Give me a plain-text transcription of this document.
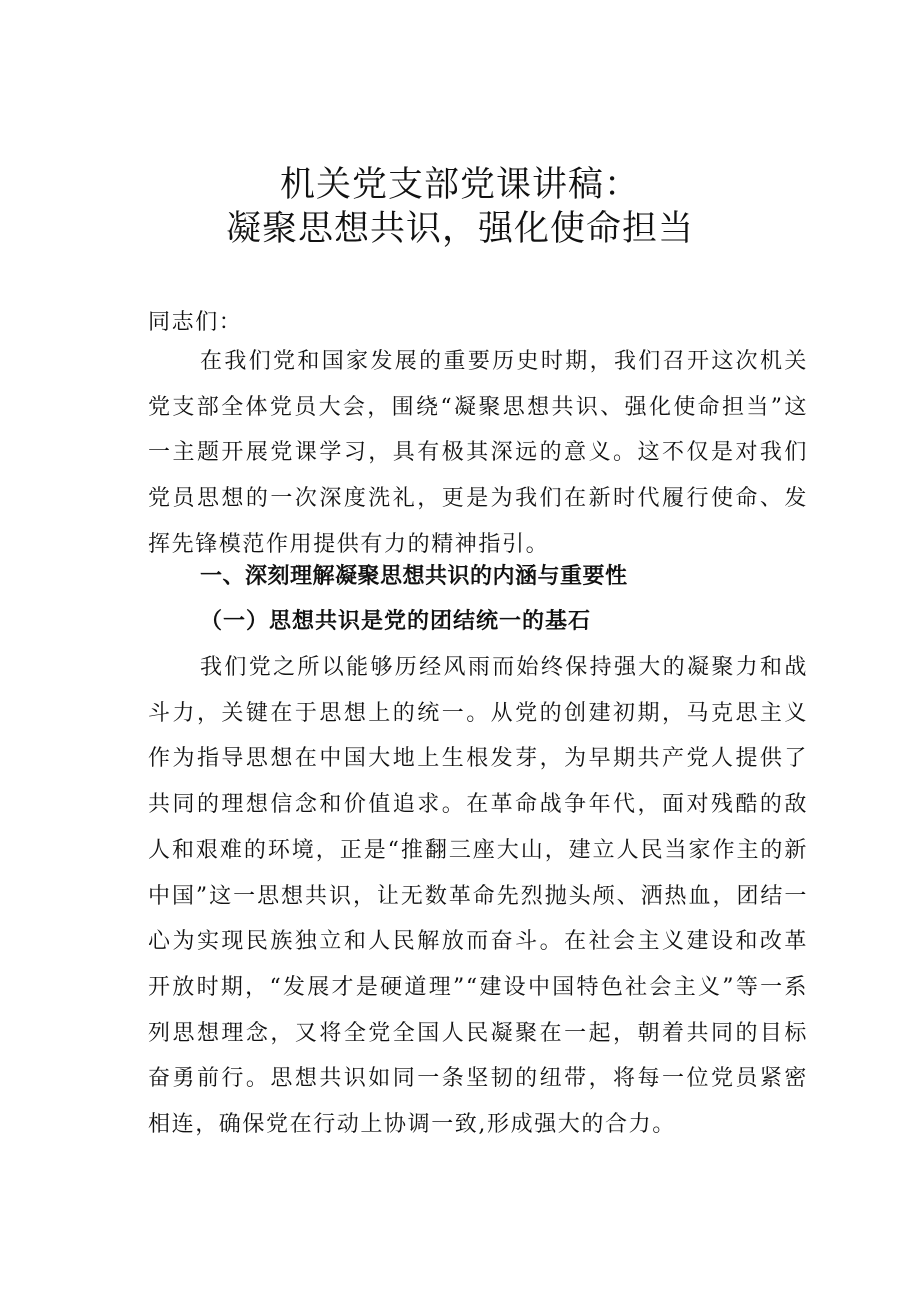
机关党支部党课讲稿：
凝聚思想共识，强化使命担当

同志们：

在我们党和国家发展的重要历史时期，我们召开这次机关党支部全体党员大会，围绕“凝聚思想共识、强化使命担当”这一主题开展党课学习，具有极其深远的意义。这不仅是对我们党员思想的一次深度洗礼，更是为我们在新时代履行使命、发挥先锋模范作用提供有力的精神指引。

一、深刻理解凝聚思想共识的内涵与重要性
（一）思想共识是党的团结统一的基石

我们党之所以能够历经风雨而始终保持强大的凝聚力和战斗力，关键在于思想上的统一。从党的创建初期，马克思主义作为指导思想在中国大地上生根发芽，为早期共产党人提供了共同的理想信念和价值追求。在革命战争年代，面对残酷的敌人和艰难的环境，正是“推翻三座大山，建立人民当家作主的新中国”这一思想共识，让无数革命先烈抛头颅、洒热血，团结一心为实现民族独立和人民解放而奋斗。在社会主义建设和改革开放时期，“发展才是硬道理”“建设中国特色社会主义”等一系列思想理念，又将全党全国人民凝聚在一起，朝着共同的目标奋勇前行。思想共识如同一条坚韧的纽带，将每一位党员紧密相连，确保党在行动上协调一致,形成强大的合力。
